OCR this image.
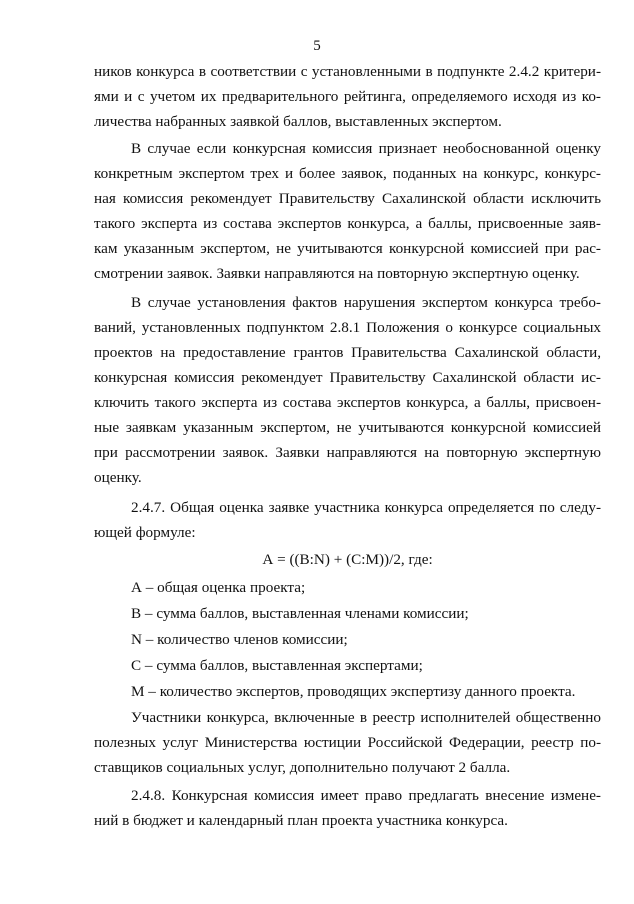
5
ников конкурса в соответствии с установленными в подпункте 2.4.2 критери-
ями и с учетом их предварительного рейтинга, определяемого исходя из ко-
личества набранных заявкой баллов, выставленных экспертом.
В случае если конкурсная комиссия признает необоснованной оценку
конкретным экспертом трех и более заявок, поданных на конкурс, конкурс-
ная комиссия рекомендует Правительству Сахалинской области исключить
такого эксперта из состава экспертов конкурса, а баллы, присвоенные заяв-
кам указанным экспертом, не учитываются конкурсной комиссией при рас-
смотрении заявок. Заявки направляются на повторную экспертную оценку.
В случае установления фактов нарушения экспертом конкурса требо-
ваний, установленных подпунктом 2.8.1 Положения о конкурсе социальных
проектов на предоставление грантов Правительства Сахалинской области,
конкурсная комиссия рекомендует Правительству Сахалинской области ис-
ключить такого эксперта из состава экспертов конкурса, а баллы, присвоен-
ные заявкам указанным экспертом, не учитываются конкурсной комиссией
при рассмотрении заявок. Заявки направляются на повторную экспертную
оценку.
2.4.7. Общая оценка заявке участника конкурса определяется по следу-
ющей формуле:
А = ((В:N) + (С:М))/2, где:
А – общая оценка проекта;
В – сумма баллов, выставленная членами комиссии;
N – количество членов комиссии;
С – сумма баллов, выставленная экспертами;
М – количество экспертов, проводящих экспертизу данного проекта.
Участники конкурса, включенные в реестр исполнителей общественно
полезных услуг Министерства юстиции Российской Федерации, реестр по-
ставщиков социальных услуг, дополнительно получают 2 балла.
2.4.8. Конкурсная комиссия имеет право предлагать внесение измене-
ний в бюджет и календарный план проекта участника конкурса.
